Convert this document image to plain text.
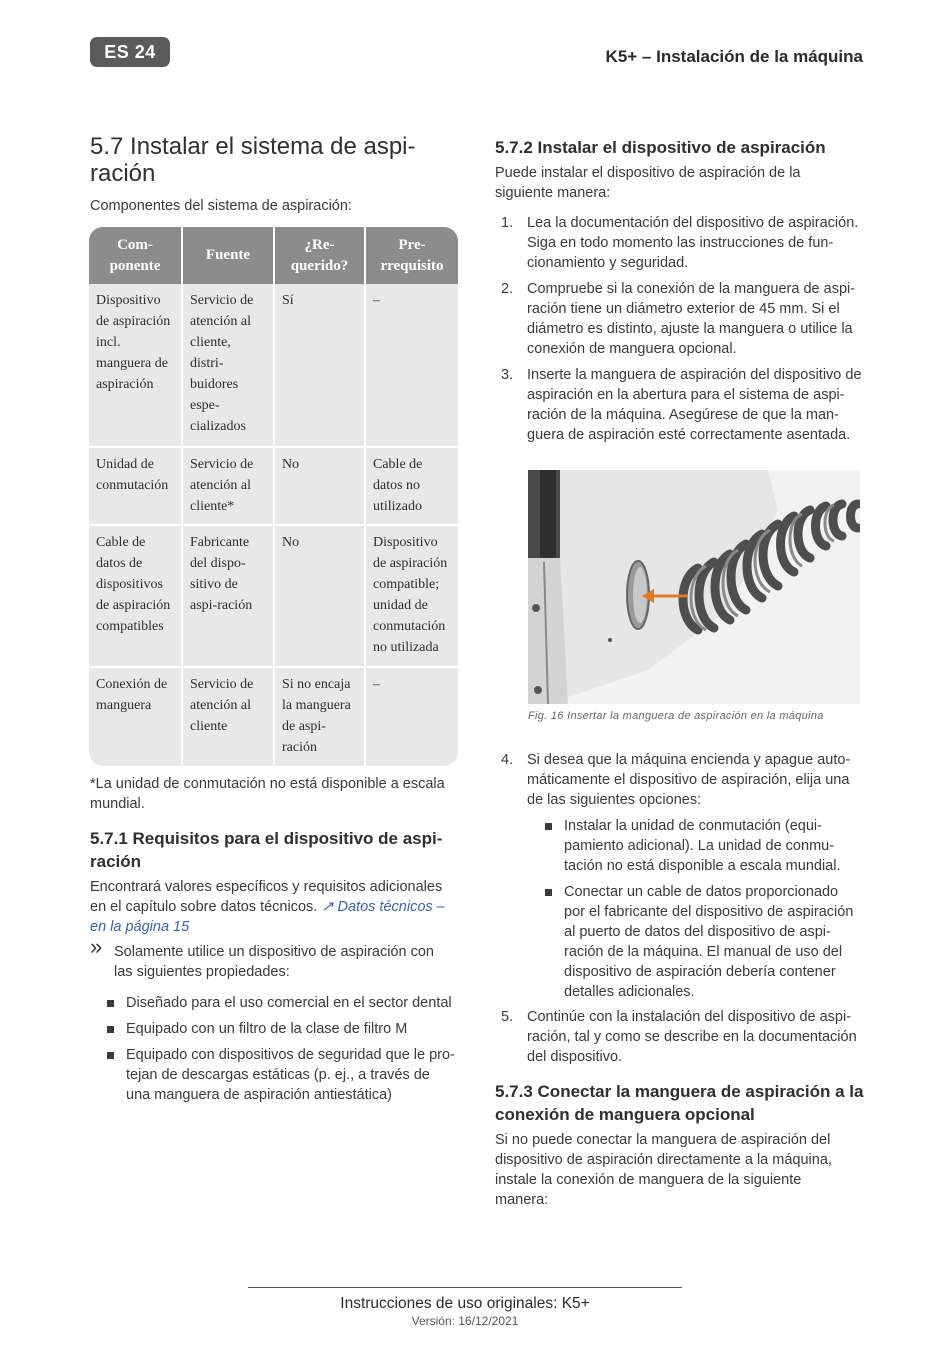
ES 24	K5+ – Instalación de la máquina
5.7 Instalar el sistema de aspi-
ración
Componentes del sistema de aspiración:
Com-ponente	Fuente	¿Re-querido?	Pre-rrequisito
Dispositivo de aspiración incl. manguera de aspiración	Servicio de atención al cliente, distri-buidores espe-cializados	Sí	–
Unidad de conmutación	Servicio de atención al cliente*	No	Cable de datos no utilizado
Cable de datos de dispositivos de aspiración compatibles	Fabricante del dispo-sitivo de aspi-ración	No	Dispositivo de aspiración compatible; unidad de conmutación no utilizada
Conexión de manguera	Servicio de atención al cliente	Si no encaja la manguera de aspi-ración	–
*La unidad de conmutación no está disponible a escala mundial.
5.7.1 Requisitos para el dispositivo de aspi-ración
Encontrará valores específicos y requisitos adicionales en el capítulo sobre datos técnicos. ↗ Datos técnicos – en la página 15
» Solamente utilice un dispositivo de aspiración con las siguientes propiedades:
Diseñado para el uso comercial en el sector dental
Equipado con un filtro de la clase de filtro M
Equipado con dispositivos de seguridad que le pro-tejan de descargas estáticas (p. ej., a través de una manguera de aspiración antiestática)
5.7.2 Instalar el dispositivo de aspiración
Puede instalar el dispositivo de aspiración de la siguiente manera:
1. Lea la documentación del dispositivo de aspiración. Siga en todo momento las instrucciones de fun-cionamiento y seguridad.
2. Compruebe si la conexión de la manguera de aspi-ración tiene un diámetro exterior de 45 mm. Si el diámetro es distinto, ajuste la manguera o utilice la conexión de manguera opcional.
3. Inserte la manguera de aspiración del dispositivo de aspiración en la abertura para el sistema de aspi-ración de la máquina. Asegúrese de que la man-guera de aspiración esté correctamente asentada.
Fig. 16 Insertar la manguera de aspiración en la máquina
4. Si desea que la máquina encienda y apague auto-máticamente el dispositivo de aspiración, elija una de las siguientes opciones:
Instalar la unidad de conmutación (equi-pamiento adicional). La unidad de conmu-tación no está disponible a escala mundial.
Conectar un cable de datos proporcionado por el fabricante del dispositivo de aspiración al puerto de datos del dispositivo de aspi-ración de la máquina. El manual de uso del dispositivo de aspiración debería contener detalles adicionales.
5. Continúe con la instalación del dispositivo de aspi-ración, tal y como se describe en la documentación del dispositivo.
5.7.3 Conectar la manguera de aspiración a la conexión de manguera opcional
Si no puede conectar la manguera de aspiración del dispositivo de aspiración directamente a la máquina, instale la conexión de manguera de la siguiente manera:
Instrucciones de uso originales: K5+
Versión: 16/12/2021
